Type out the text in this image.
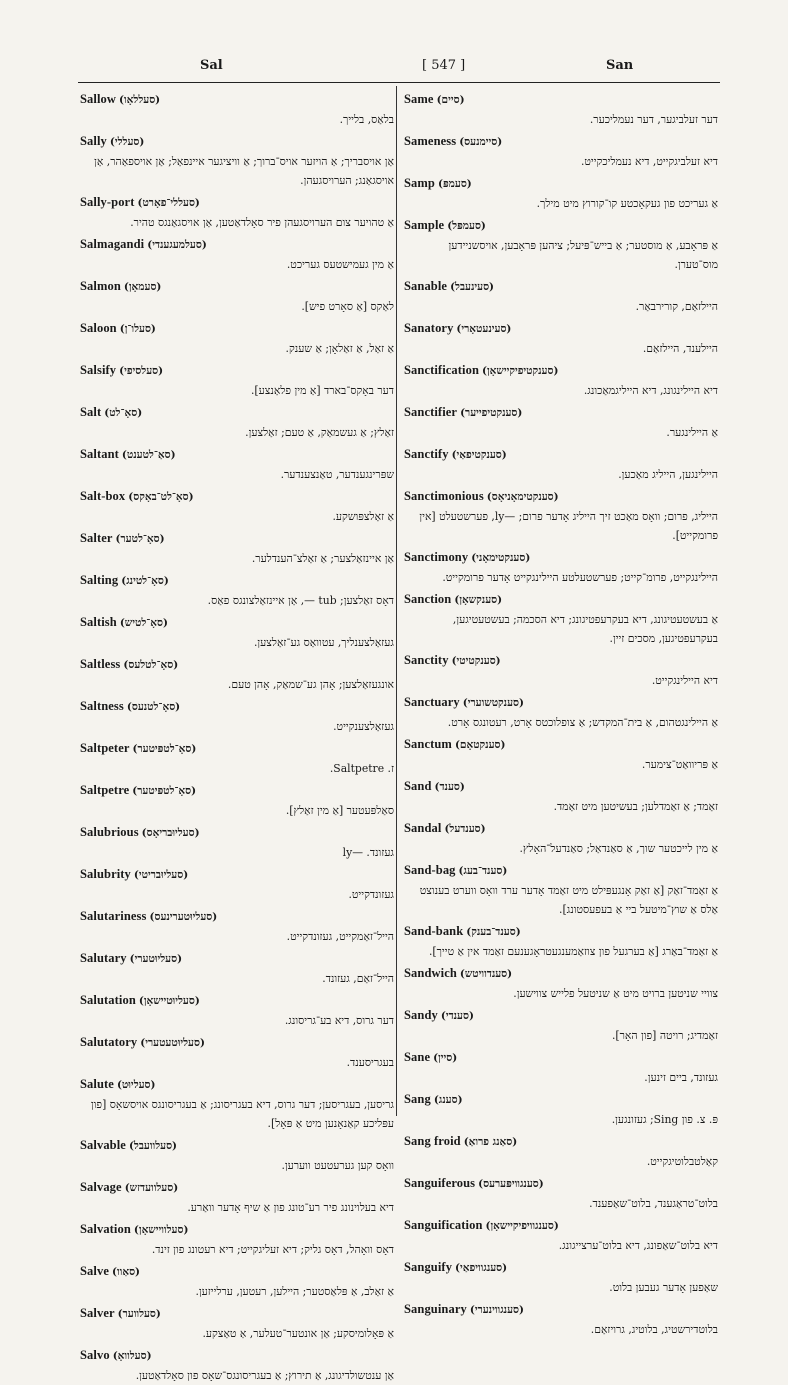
Sal	[ 547 ]	San
Sallow (סעללאָו)
בלאַס, בלייך.
Sally (סעללי)
אַן אויסבריך; אַ הויזער אויס־ברוך; אַ וויציגער איינפאַל; אַן אויספאַהר, אַן אויסגאַנג; הערויסגעהן.
Sally-port (סעללי־פאָרט)
אַ טהויער צום הערויסגעהן פיר סאָלדאַטען, אַן אויסגאַנגס טהיר.
Salmagandi (סעלמעגענדי)
אַ מין געמישטעס געריכט.
Salmon (סעמאָן)
לאַקס [אַ סאָרט פיש].
Saloon (סעלו־ן)
אַ זאַל, אַ זאַלאָן; אַ שענק.
Salsify (סעלסיפי)
דער באָקס־בארד [אַ מין פלאַנצע].
Salt (סאָ־לט)
זאַלץ; אַ געשמאַק, אַ טעם; זאַלצען.
Saltant (סאַ־לטענט)
שפּרינגענדער, טאַנצענדער.
Salt-box (סאָ־לט־באָקס)
אַ זאַלצפּושקע.
Salter (סאָ־לטער)
אַן איינזאַלצער; אַ זאַלצ־הענדלער.
Salting (סאָ־לטינג)
דאָס זאַלצען; tub —, אַן איינזאַלצונגס פאַס.
Saltish (סאָ־לטיש)
געזאַלצענליך, עטוואַס גע־זאַלצען.
Saltless (סאָ־לטלעס)
אונגעזאַלצען; אָהן גע־שמאַק, אָהן טעם.
Saltness (סאָ־לטנעס)
געזאַלצענקייט.
Saltpeter (סאָ־לטפּיטער)
ז. Saltpetre.
Saltpetre (סאָ־לטפּיטער)
סאַלפּעטער [אַ מין זאַלץ].
Salubrious (סעליוּבריאָס)
געזונד. —ly
Salubrity (סעליוּבריטי)
געזונדקייט.
Salutariness (סעליוּטערינעס)
הייל־זאַמקייט, געזונדקייט.
Salutary (סעליוּטערי)
הייל־זאַם, געזונד.
Salutation (סעליוּטיישאָן)
דער גרוס, דיא בע־גריסונג.
Salutatory (סעליוּטעטערי)
בעגריסענד.
Salute (סעליוּט)
גריסען, בעגריסען; דער גרוס, דיא בעגריסונג; אַ בעגריסונגס אויסשאָס [פון עפּליכע קאַנאָנען מיט אַ פּאָל].
Salvable (סעלוועבל)
וואָס קען גערעטעט ווערען.
Salvage (סעלוועדזש)
דיא בעלוינונג פיר רע־טונג פון אַ שיף אָדער וואַרע.
Salvation (סעלוויישאָן)
דאָס וואָהל, דאָס גליק; דיא זעליגקייט; דיא רעטונג פון זינד.
Salve (סאַוו)
אַ זאַלב, אַ פּלאַסטער; היילען, רעטען, ערלייזען.
Salver (סעלווער)
אַ פּאָלומיסקע; אַן אונטער־טעלער, אַ טאַצקע.
Salvo (סעלוואָ)
אַן ענטשולדיגונג, אַ תירוץ; אַ בעגריסונגס־שאָס פון סאָלדאַטען.
Same (סיים)
דער זעלביגער, דער נעמליכער.
Sameness (סיימנעס)
דיא זעלביגקייט, דיא נעמליכקייט.
Samp (סעמפּ)
אַ געריכט פון געקאָכטע קו־קורוץ מיט מילך.
Sample (סעמפּל)
אַ פּראָבע, אַ מוסטער; אַ בייש־פּיעל; ציהען פּראָבען, אויסשניידען מוס־טערן.
Sanable (סעינעבל)
היילזאַם, קורירבאַר.
Sanatory (סעינעטאָרי)
היילענד, היילזאַם.
Sanctification (סענקטיפיקיישאָן)
דיא היילינגונג, דיא הייליגמאַכונג.
Sanctifier (סענקטיפייער)
אַ היילינגער.
Sanctify (סענקטיפאַי)
היילינגען, הייליג מאַכען.
Sanctimonious (סענקטימאָניאָס)
הייליג, פרום; וואָס מאַכט זיך הייליג אָדער פרום; —ly, פערשטעלט [אין פרומקייט].
Sanctimony (סענקטימאָני)
היילינגקייט, פרומ־קייט; פערשטעלטע היילינגקייט אָדער פרומקייט.
Sanction (סענקשאָן)
אַ בעשטעטיגונג, דיא בעקרעפטיגונג; דיא הסכמה; בעשטעטיגען, בעקרעפטיגען, מסכים זיין.
Sanctity (סענקטיטי)
דיא היילינגקייט.
Sanctuary (סענקטשוערי)
אַ היילינגטהום, אַ בית־המקדש; אַ צופלוכטס אָרט, רעטונגס אָרט.
Sanctum (סענקטאָם)
אַ פּריוואַט־צימער.
Sand (סענד)
זאַמד; אַ זאַמדלען; בעשיטען מיט זאַמד.
Sandal (סענדעל)
אַ מין לייכטער שוך, אַ סאַנדאַל; סאַנדעל־האָלץ.
Sand-bag (סענד־בעג)
אַ זאַמד־זאַק [אַ זאַק אָנגעפּילט מיט זאַמד אָדער ערד וואָס ווערט בענוצט אַלס אַ שוץ־מיטעל ביי אַ בעפעסטונג].
Sand-bank (סענד־בענק)
אַ זאַמד־באַרג [אַ בערגעל פון צוזאַמענגעטראָגענעם זאַמד אין אַ טייך].
Sandwich (סענדוויטש)
צוויי שניטען ברויט מיט אַ שניטעל פלייש צווישען.
Sandy (סענדי)
זאַמדיג; רויטה [פון האָר].
Sane (סיין)
געזונד, ביים זינען.
Sang (סענג)
פּ. צ. פון Sing; געזונגען.
Sang froid (סאַנג פרואַ)
קאַלטבלוטיגקייט.
Sanguiferous (סענגוויפּערעס)
בלוט־טראַגענד, בלוט־שאַפענד.
Sanguification (סענגוויפיקיישאָן)
דיא בלוט־שאַפונג, דיא בלוט־ערצייגונג.
Sanguify (סענגוויפאַי)
שאַפען אָדער געבען בלוט.
Sanguinary (סענגווינערי)
בלוטדירשטיג, בלוטיג, גרויזאַם.
